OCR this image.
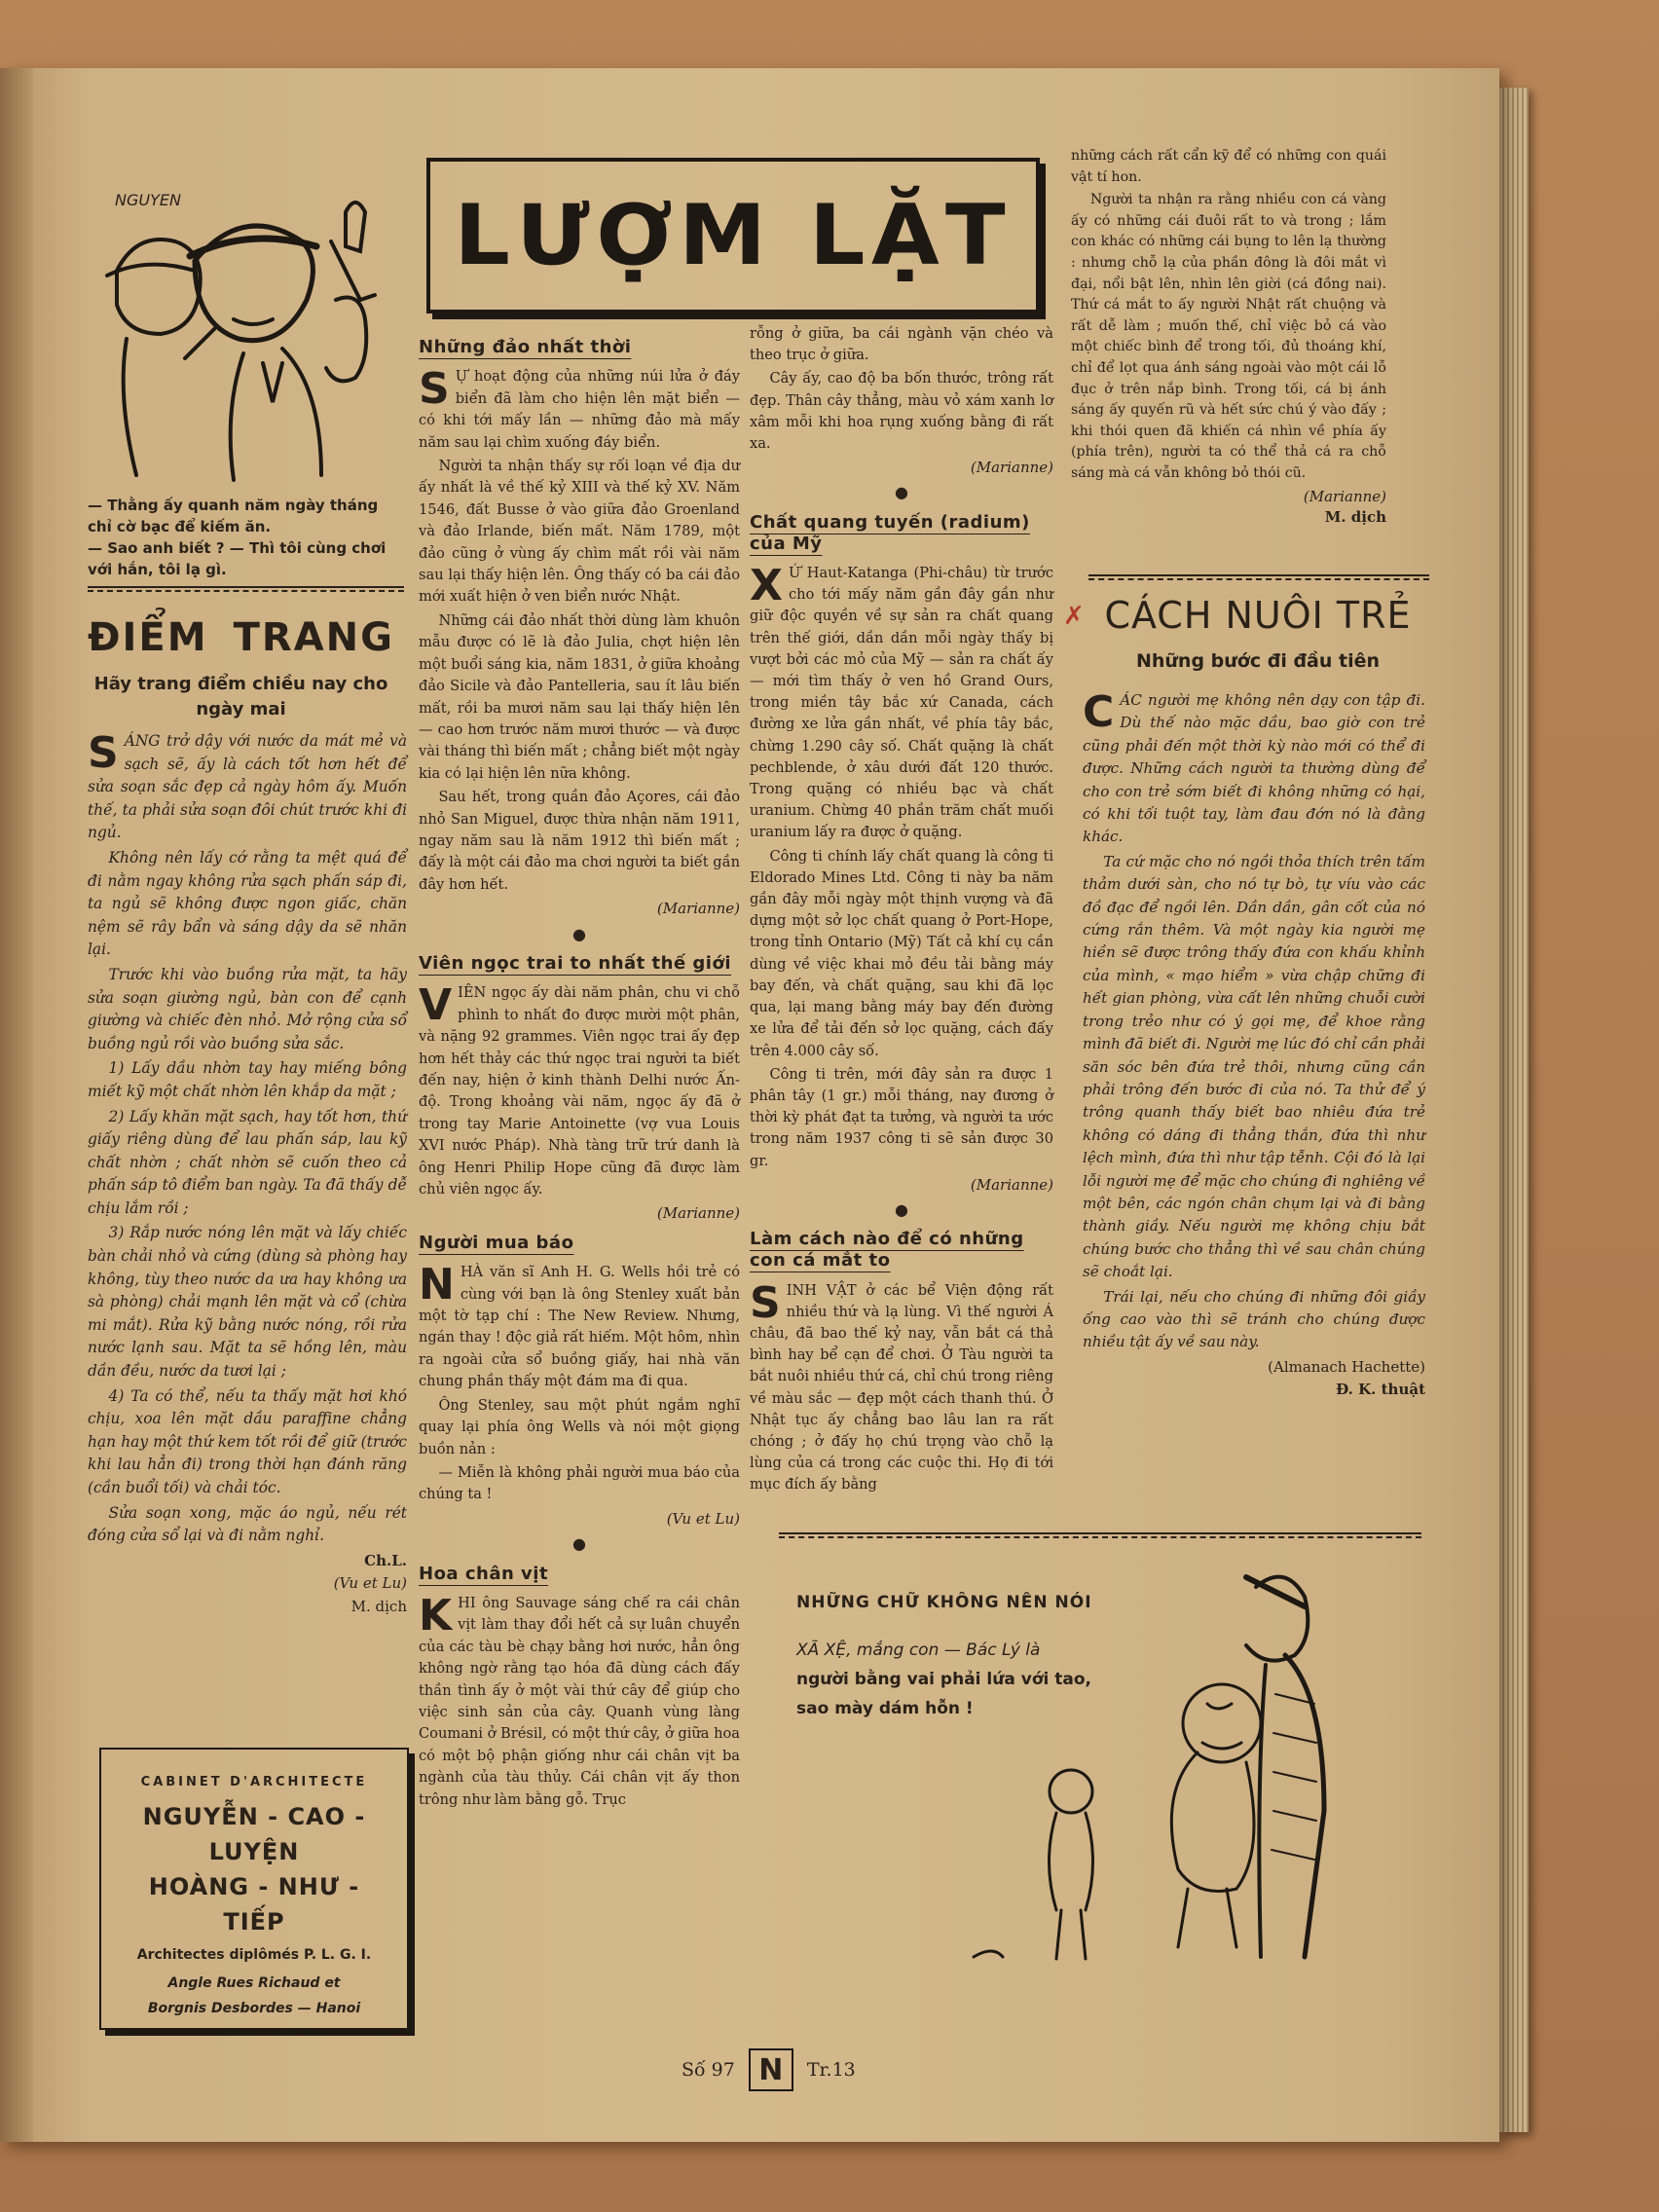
NGUYEN
— Thằng ấy quanh năm ngày tháng chỉ cờ bạc để kiếm ăn.
— Sao anh biết ? — Thì tôi cùng chơi với hắn, tôi lạ gì.
LƯỢM LẶT
ĐIỂM TRANG
Hãy trang điểm chiều nay cho ngày mai

SÁNG trở dậy với nước da mát mẻ và sạch sẽ, ấy là cách tốt hơn hết để sửa soạn sắc đẹp cả ngày hôm ấy. Muốn thế, ta phải sửa soạn đôi chút trước khi đi ngủ.

Không nên lấy cớ rằng ta mệt quá để đi nằm ngay không rửa sạch phấn sáp đi, ta ngủ sẽ không được ngon giấc, chăn nệm sẽ rây bẩn và sáng dậy da sẽ nhăn lại.

Trước khi vào buồng rửa mặt, ta hãy sửa soạn giường ngủ, bàn con để cạnh giường và chiếc đèn nhỏ. Mở rộng cửa sổ buồng ngủ rồi vào buồng sửa sắc.

1) Lấy dầu nhờn tay hay miếng bông miết kỹ một chất nhờn lên khắp da mặt ;

2) Lấy khăn mặt sạch, hay tốt hơn, thứ giấy riêng dùng để lau phấn sáp, lau kỹ chất nhờn ; chất nhờn sẽ cuốn theo cả phấn sáp tô điểm ban ngày. Ta đã thấy dễ chịu lắm rồi ;

3) Rắp nước nóng lên mặt và lấy chiếc bàn chải nhỏ và cứng (dùng sà phòng hay không, tùy theo nước da ưa hay không ưa sà phòng) chải mạnh lên mặt và cổ (chừa mi mắt). Rửa kỹ bằng nước nóng, rồi rửa nước lạnh sau. Mặt ta sẽ hồng lên, màu dần đều, nước da tươi lại ;

4) Ta có thể, nếu ta thấy mặt hơi khó chịu, xoa lên mặt dầu paraffine chẳng hạn hay một thứ kem tốt rồi để giữ (trước khi lau hẳn đi) trong thời hạn đánh răng (cần buổi tối) và chải tóc.

Sửa soạn xong, mặc áo ngủ, nếu rét đóng cửa sổ lại và đi nằm nghỉ.

Ch.L.
(Vu et Lu)
M. dịch
CABINET D'ARCHITECTE
NGUYỄN - CAO - LUYỆN
HOÀNG - NHƯ - TIẾP
Architectes diplômés P. L. G. I.
Angle Rues Richaud et
Borgnis Desbordes — Hanoi
Những đảo nhất thời

S Ự hoạt động của những núi lửa ở đáy biển đã làm cho hiện lên mặt biển — có khi tới mấy lần — những đảo mà mấy năm sau lại chìm xuống đáy biển.

Người ta nhận thấy sự rối loạn về địa dư ấy nhất là về thế kỷ XIII và thế kỷ XV. Năm 1546, đất Busse ở vào giữa đảo Groenland và đảo Irlande, biến mất. Năm 1789, một đảo cũng ở vùng ấy chìm mất rồi vài năm sau lại thấy hiện lên. Ông thấy có ba cái đảo mới xuất hiện ở ven biển nước Nhật.

Những cái đảo nhất thời dùng làm khuôn mẫu được có lẽ là đảo Julia, chợt hiện lên một buổi sáng kia, năm 1831, ở giữa khoảng đảo Sicile và đảo Pantelleria, sau ít lâu biến mất, rồi ba mươi năm sau lại thấy hiện lên — cao hơn trước năm mươi thước — và được vài tháng thì biến mất ; chẳng biết một ngày kia có lại hiện lên nữa không.

Sau hết, trong quần đảo Açores, cái đảo nhỏ San Miguel, được thừa nhận năm 1911, ngay năm sau là năm 1912 thì biến mất ; đấy là một cái đảo ma chơi người ta biết gần đây hơn hết.

(Marianne)
●
Viên ngọc trai to nhất thế giới

VIÊN ngọc ấy dài năm phân, chu vi chỗ phình to nhất đo được mười một phân, và nặng 92 grammes. Viên ngọc trai ấy đẹp hơn hết thảy các thứ ngọc trai người ta biết đến nay, hiện ở kinh thành Delhi nước Ấn-độ. Trong khoảng vài năm, ngọc ấy đã ở trong tay Marie Antoinette (vợ vua Louis XVI nước Pháp). Nhà tàng trữ trứ danh là ông Henri Philip Hope cũng đã được làm chủ viên ngọc ấy.

(Marianne)
Người mua báo

NHÀ văn sĩ Anh H. G. Wells hồi trẻ có cùng với bạn là ông Stenley xuất bản một tờ tạp chí : The New Review. Nhưng, ngán thay ! độc giả rất hiếm. Một hôm, nhìn ra ngoài cửa sổ buồng giấy, hai nhà văn chung phần thấy một đám ma đi qua.

Ông Stenley, sau một phút ngắm nghĩ quay lại phía ông Wells và nói một giọng buồn nản :

— Miễn là không phải người mua báo của chúng ta !

(Vu et Lu)
●
Hoa chân vịt

KHI ông Sauvage sáng chế ra cái chân vịt làm thay đổi hết cả sự luân chuyển của các tàu bè chạy bằng hơi nước, hẳn ông không ngờ rằng tạo hóa đã dùng cách đấy thần tình ấy ở một vài thứ cây để giúp cho việc sinh sản của cây. Quanh vùng làng Coumani ở Brésil, có một thứ cây, ở giữa hoa có một bộ phận giống như cái chân vịt ba ngành của tàu thủy. Cái chân vịt ấy thon trông như làm bằng gỗ. Trục

rỗng ở giữa, ba cái ngành vặn chéo và theo trục ở giữa.

Cây ấy, cao độ ba bốn thước, trông rất đẹp. Thân cây thẳng, màu vỏ xám xanh lơ xâm mỗi khi hoa rụng xuống bằng đi rất xa.

(Marianne)
●
Chất quang tuyến (radium) của Mỹ

X Ứ Haut-Katanga (Phi-châu) từ trước cho tới mấy năm gần đây gần như giữ độc quyền về sự sản ra chất quang trên thế giới, dần dần mỗi ngày thấy bị vượt bởi các mỏ của Mỹ — sản ra chất ấy — mới tìm thấy ở ven hồ Grand Ours, trong miền tây bắc xứ Canada, cách đường xe lửa gần nhất, về phía tây bắc, chừng 1.290 cây số. Chất quặng là chất pechblende, ở xâu dưới đất 120 thước. Trong quặng có nhiều bạc và chất uranium. Chừng 40 phần trăm chất muối uranium lấy ra được ở quặng.

Công ti chính lấy chất quang là công ti Eldorado Mines Ltd. Công ti này ba năm gần đây mỗi ngày một thịnh vượng và đã dựng một sở lọc chất quang ở Port-Hope, trong tỉnh Ontario (Mỹ) Tất cả khí cụ cần dùng về việc khai mỏ đều tải bằng máy bay đến, và chất quặng, sau khi đã lọc qua, lại mang bằng máy bay đến đường xe lửa để tải đến sở lọc quặng, cách đấy trên 4.000 cây số.

Công ti trên, mới đây sản ra được 1 phân tây (1 gr.) mỗi tháng, nay đương ở thời kỳ phát đạt ta tưởng, và người ta ước trong năm 1937 công ti sẽ sản được 30 gr.

(Marianne)
●
Làm cách nào để có những con cá mắt to

SINH VẬT ở các bể Viện động rất nhiều thứ và lạ lùng. Vì thế người Á châu, đã bao thế kỷ nay, vẫn bắt cá thả bình hay bể cạn để chơi. Ở Tàu người ta bắt nuôi nhiều thứ cá, chỉ chú trong riêng về màu sắc — đẹp một cách thanh thú. Ở Nhật tục ấy chẳng bao lâu lan ra rất chóng ; ở đấy họ chú trọng vào chỗ lạ lùng của cá trong các cuộc thi. Họ đi tới mục đích ấy bằng

những cách rất cẩn kỹ để có những con quái vật tí hon.

Người ta nhận ra rằng nhiều con cá vàng ấy có những cái đuôi rất to và trong ; lắm con khác có những cái bụng to lên lạ thường : nhưng chỗ lạ của phần đông là đôi mắt vì đại, nổi bật lên, nhìn lên giời (cá đồng nai). Thứ cá mắt to ấy người Nhật rất chuộng và rất dễ làm ; muốn thế, chỉ việc bỏ cá vào một chiếc bình để trong tối, đủ thoáng khí, chỉ để lọt qua ánh sáng ngoài vào một cái lỗ đục ở trên nắp bình. Trong tối, cá bị ánh sáng ấy quyến rũ và hết sức chú ý vào đấy ; khi thói quen đã khiến cá nhìn về phía ấy (phía trên), người ta có thể thả cá ra chỗ sáng mà cá vẫn không bỏ thói cũ.

(Marianne)
M. dịch
✗ CÁCH NUÔI TRẺ
Những bước đi đầu tiên

CÁC người mẹ không nên dạy con tập đi. Dù thế nào mặc dầu, bao giờ con trẻ cũng phải đến một thời kỳ nào mới có thể đi được. Những cách người ta thường dùng để cho con trẻ sớm biết đi không những có hại, có khi tối tuột tay, làm đau đớn nó là đằng khác.

Ta cứ mặc cho nó ngồi thỏa thích trên tấm thảm dưới sàn, cho nó tự bò, tự víu vào các đồ đạc để ngồi lên. Dần dần, gân cốt của nó cứng rắn thêm. Và một ngày kia người mẹ hiền sẽ được trông thấy đứa con khấu khỉnh của mình, « mạo hiểm » vừa chập chững đi hết gian phòng, vừa cất lên những chuỗi cười trong trẻo như có ý gọi mẹ, để khoe rằng mình đã biết đi. Người mẹ lúc đó chỉ cần phải săn sóc bên đứa trẻ thôi, nhưng cũng cần phải trông đến bước đi của nó. Ta thử để ý trông quanh thấy biết bao nhiêu đứa trẻ không có dáng đi thẳng thắn, đứa thì như lệch mình, đứa thì như tập tễnh. Cội đó là lại lỗi người mẹ để mặc cho chúng đi nghiêng về một bên, các ngón chân chụm lại và đi bằng thành giầy. Nếu người mẹ không chịu bắt chúng bước cho thẳng thì về sau chân chúng sẽ choắt lại.

Trái lại, nếu cho chúng đi những đôi giầy ống cao vào thì sẽ tránh cho chúng được nhiều tật ấy về sau này.

(Almanach Hachette)
Đ. K. thuật
NHỮNG CHỮ KHÔNG NÊN NÓI
XÃ XỆ, mắng con — Bác Lý là
người bằng vai phải lứa với tao,
sao mày dám hỗn !
Số 97 N	Tr.13
